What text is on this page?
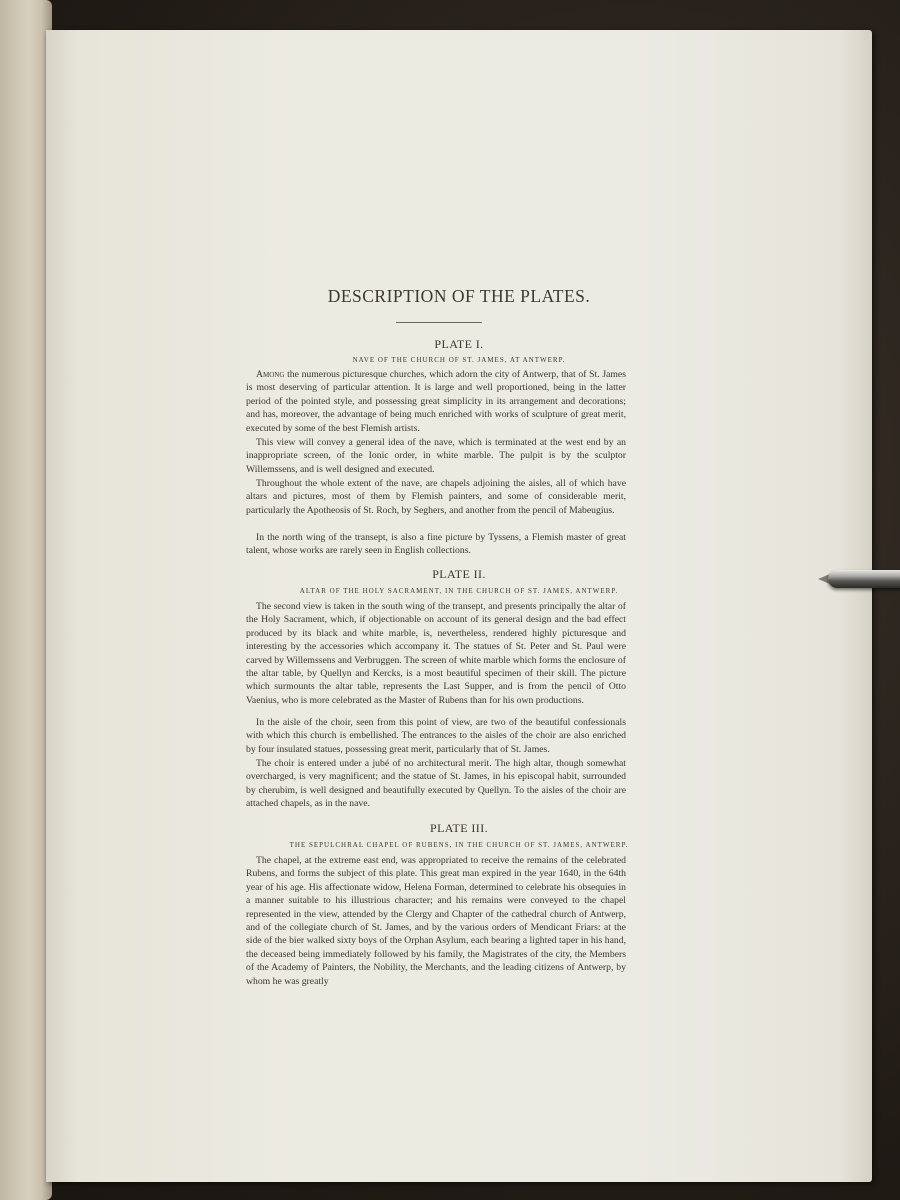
DESCRIPTION OF THE PLATES.
PLATE I.
NAVE OF THE CHURCH OF ST. JAMES, AT ANTWERP.
Among the numerous picturesque churches, which adorn the city of Antwerp, that of St. James is most deserving of particular attention. It is large and well proportioned, being in the latter period of the pointed style, and possessing great simplicity in its arrangement and decorations; and has, moreover, the advantage of being much enriched with works of sculpture of great merit, executed by some of the best Flemish artists.
This view will convey a general idea of the nave, which is terminated at the west end by an inappropriate screen, of the Ionic order, in white marble. The pulpit is by the sculptor Willemssens, and is well designed and executed.
Throughout the whole extent of the nave, are chapels adjoining the aisles, all of which have altars and pictures, most of them by Flemish painters, and some of considerable merit, particularly the Apotheosis of St. Roch, by Seghers, and another from the pencil of Mabeugius.
In the north wing of the transept, is also a fine picture by Tyssens, a Flemish master of great talent, whose works are rarely seen in English collections.
PLATE II.
ALTAR OF THE HOLY SACRAMENT, IN THE CHURCH OF ST. JAMES, ANTWERP.
The second view is taken in the south wing of the transept, and presents principally the altar of the Holy Sacrament, which, if objectionable on account of its general design and the bad effect produced by its black and white marble, is, nevertheless, rendered highly picturesque and interesting by the accessories which accompany it. The statues of St. Peter and St. Paul were carved by Willemssens and Verbruggen. The screen of white marble which forms the enclosure of the altar table, by Quellyn and Kercks, is a most beautiful specimen of their skill. The picture which surmounts the altar table, represents the Last Supper, and is from the pencil of Otto Vaenius, who is more celebrated as the Master of Rubens than for his own productions.
In the aisle of the choir, seen from this point of view, are two of the beautiful confessionals with which this church is embellished. The entrances to the aisles of the choir are also enriched by four insulated statues, possessing great merit, particularly that of St. James.
The choir is entered under a jubé of no architectural merit. The high altar, though somewhat overcharged, is very magnificent; and the statue of St. James, in his episcopal habit, surrounded by cherubim, is well designed and beautifully executed by Quellyn. To the aisles of the choir are attached chapels, as in the nave.
PLATE III.
THE SEPULCHRAL CHAPEL OF RUBENS, IN THE CHURCH OF ST. JAMES, ANTWERP.
The chapel, at the extreme east end, was appropriated to receive the remains of the celebrated Rubens, and forms the subject of this plate. This great man expired in the year 1640, in the 64th year of his age. His affectionate widow, Helena Forman, determined to celebrate his obsequies in a manner suitable to his illustrious character; and his remains were conveyed to the chapel represented in the view, attended by the Clergy and Chapter of the cathedral church of Antwerp, and of the collegiate church of St. James, and by the various orders of Mendicant Friars: at the side of the bier walked sixty boys of the Orphan Asylum, each bearing a lighted taper in his hand, the deceased being immediately followed by his family, the Magistrates of the city, the Members of the Academy of Painters, the Nobility, the Merchants, and the leading citizens of Antwerp, by whom he was greatly
